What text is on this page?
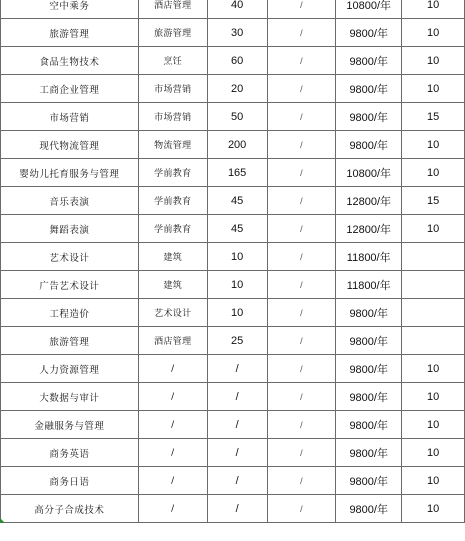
空中乘务	酒店管理	40	/	10800/年	10
旅游管理	旅游管理	30	/	9800/年	10
食品生物技术	烹饪	60	/	9800/年	10
工商企业管理	市场营销	20	/	9800/年	10
市场营销	市场营销	50	/	9800/年	15
现代物流管理	物流管理	200	/	9800/年	10
婴幼儿托育服务与管理	学前教育	165	/	10800/年	10
音乐表演	学前教育	45	/	12800/年	15
舞蹈表演	学前教育	45	/	12800/年	10
艺术设计	建筑	10	/	11800/年	
广告艺术设计	建筑	10	/	11800/年	
工程造价	艺术设计	10	/	9800/年	
旅游管理	酒店管理	25	/	9800/年	
人力资源管理	/	/	/	9800/年	10
大数据与审计	/	/	/	9800/年	10
金融服务与管理	/	/	/	9800/年	10
商务英语	/	/	/	9800/年	10
商务日语	/	/	/	9800/年	10
高分子合成技术	/	/	/	9800/年	10
